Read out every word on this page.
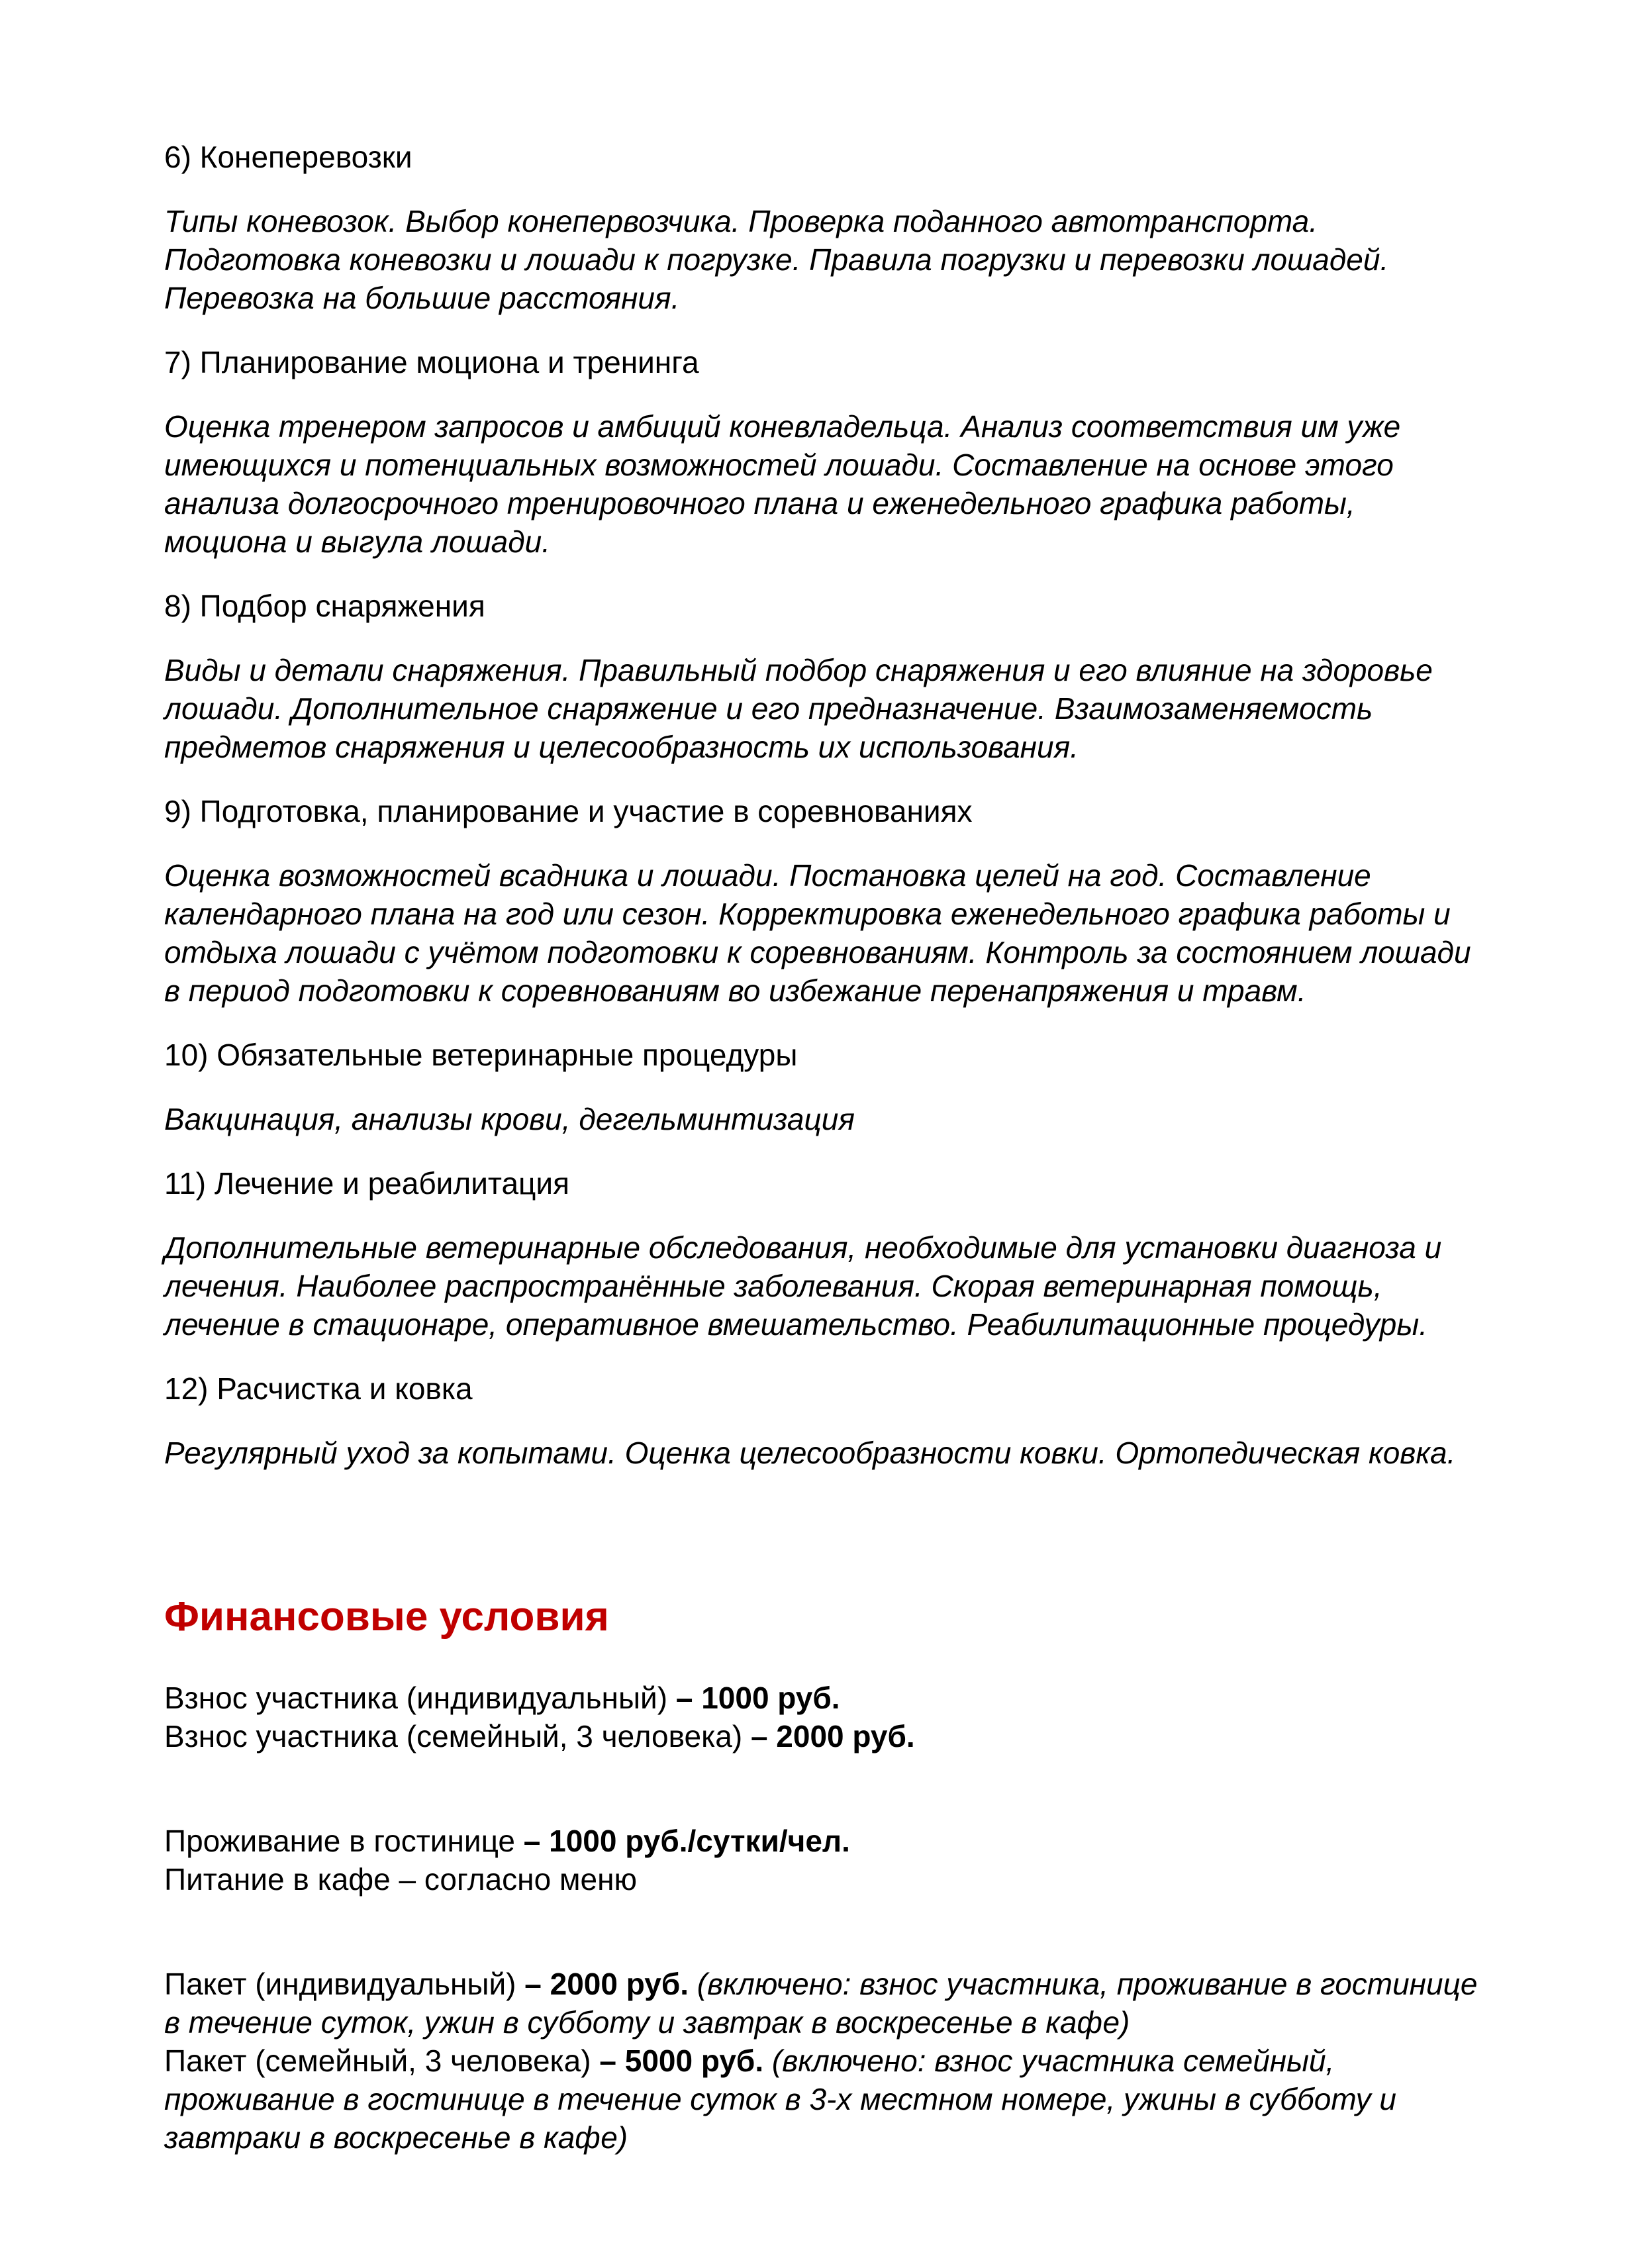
6) Конеперевозки

Типы коневозок. Выбор конепервозчика. Проверка поданного автотранспорта. Подготовка коневозки и лошади к погрузке. Правила погрузки и перевозки лошадей. Перевозка на большие расстояния.

7) Планирование моциона и тренинга

Оценка тренером запросов и амбиций коневладельца. Анализ соответствия им уже имеющихся и потенциальных возможностей лошади. Составление на основе этого анализа долгосрочного тренировочного плана и еженедельного графика работы, моциона и выгула лошади.

8) Подбор снаряжения

Виды и детали снаряжения. Правильный подбор снаряжения и его влияние на здоровье лошади. Дополнительное снаряжение и его предназначение. Взаимозаменяемость предметов снаряжения и целесообразность их использования.

9) Подготовка, планирование и участие в соревнованиях

Оценка возможностей всадника и лошади. Постановка целей на год. Составление календарного плана на год или сезон. Корректировка еженедельного графика работы и отдыха лошади с учётом подготовки к соревнованиям. Контроль за состоянием лошади в период подготовки к соревнованиям во избежание перенапряжения и травм.

10) Обязательные ветеринарные процедуры

Вакцинация, анализы крови, дегельминтизация

11) Лечение и реабилитация

Дополнительные ветеринарные обследования, необходимые для установки диагноза и лечения. Наиболее распространённые заболевания. Скорая ветеринарная помощь, лечение в стационаре, оперативное вмешательство. Реабилитационные процедуры.

12) Расчистка и ковка

Регулярный уход за копытами. Оценка целесообразности ковки. Ортопедическая ковка.

Финансовые условия

Взнос участника (индивидуальный) – 1000 руб.

Взнос участника (семейный, 3 человека) – 2000 руб.

Проживание в гостинице – 1000 руб./сутки/чел.

Питание в кафе – согласно меню

Пакет (индивидуальный) – 2000 руб. (включено: взнос участника, проживание в гостинице в течение суток, ужин в субботу и завтрак в воскресенье в кафе)

Пакет (семейный, 3 человека) – 5000 руб. (включено: взнос участника семейный, проживание в гостинице в течение суток в 3-х местном номере, ужины в субботу и завтраки в воскресенье в кафе)
